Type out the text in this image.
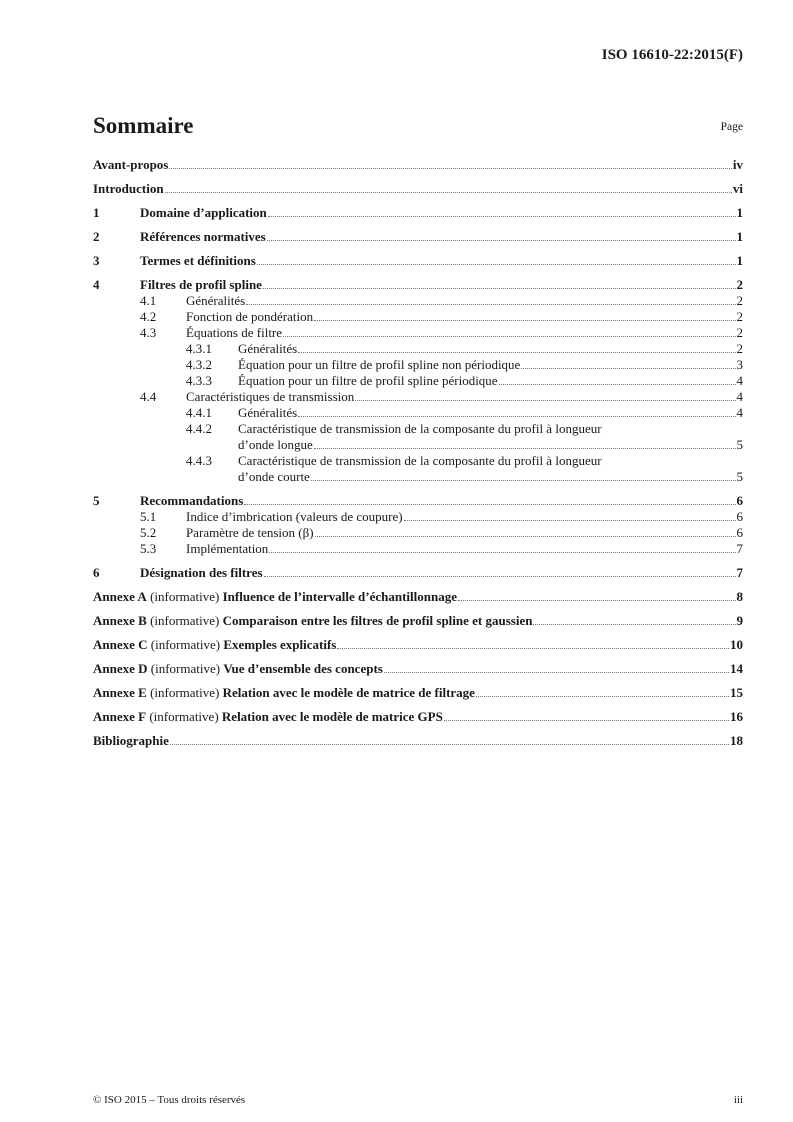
ISO 16610-22:2015(F)
Sommaire	Page
Avant-propos	iv
Introduction	vi
1	Domaine d’application	1
2	Références normatives	1
3	Termes et définitions	1
4	Filtres de profil spline	2
4.1	Généralités	2
4.2	Fonction de pondération	2
4.3	Équations de filtre	2
4.3.1	Généralités	2
4.3.2	Équation pour un filtre de profil spline non périodique	3
4.3.3	Équation pour un filtre de profil spline périodique	4
4.4	Caractéristiques de transmission	4
4.4.1	Généralités	4
4.4.2	Caractéristique de transmission de la composante du profil à longueur
d’onde longue	5
4.4.3	Caractéristique de transmission de la composante du profil à longueur
d’onde courte	5
5	Recommandations	6
5.1	Indice d’imbrication (valeurs de coupure)	6
5.2	Paramètre de tension (β)	6
5.3	Implémentation	7
6	Désignation des filtres	7
Annexe A (informative) Influence de l’intervalle d’échantillonnage	8
Annexe B (informative) Comparaison entre les filtres de profil spline et gaussien	9
Annexe C (informative) Exemples explicatifs	10
Annexe D (informative) Vue d’ensemble des concepts	14
Annexe E (informative) Relation avec le modèle de matrice de filtrage	15
Annexe F (informative) Relation avec le modèle de matrice GPS	16
Bibliographie	18
© ISO 2015 – Tous droits réservés	iii
